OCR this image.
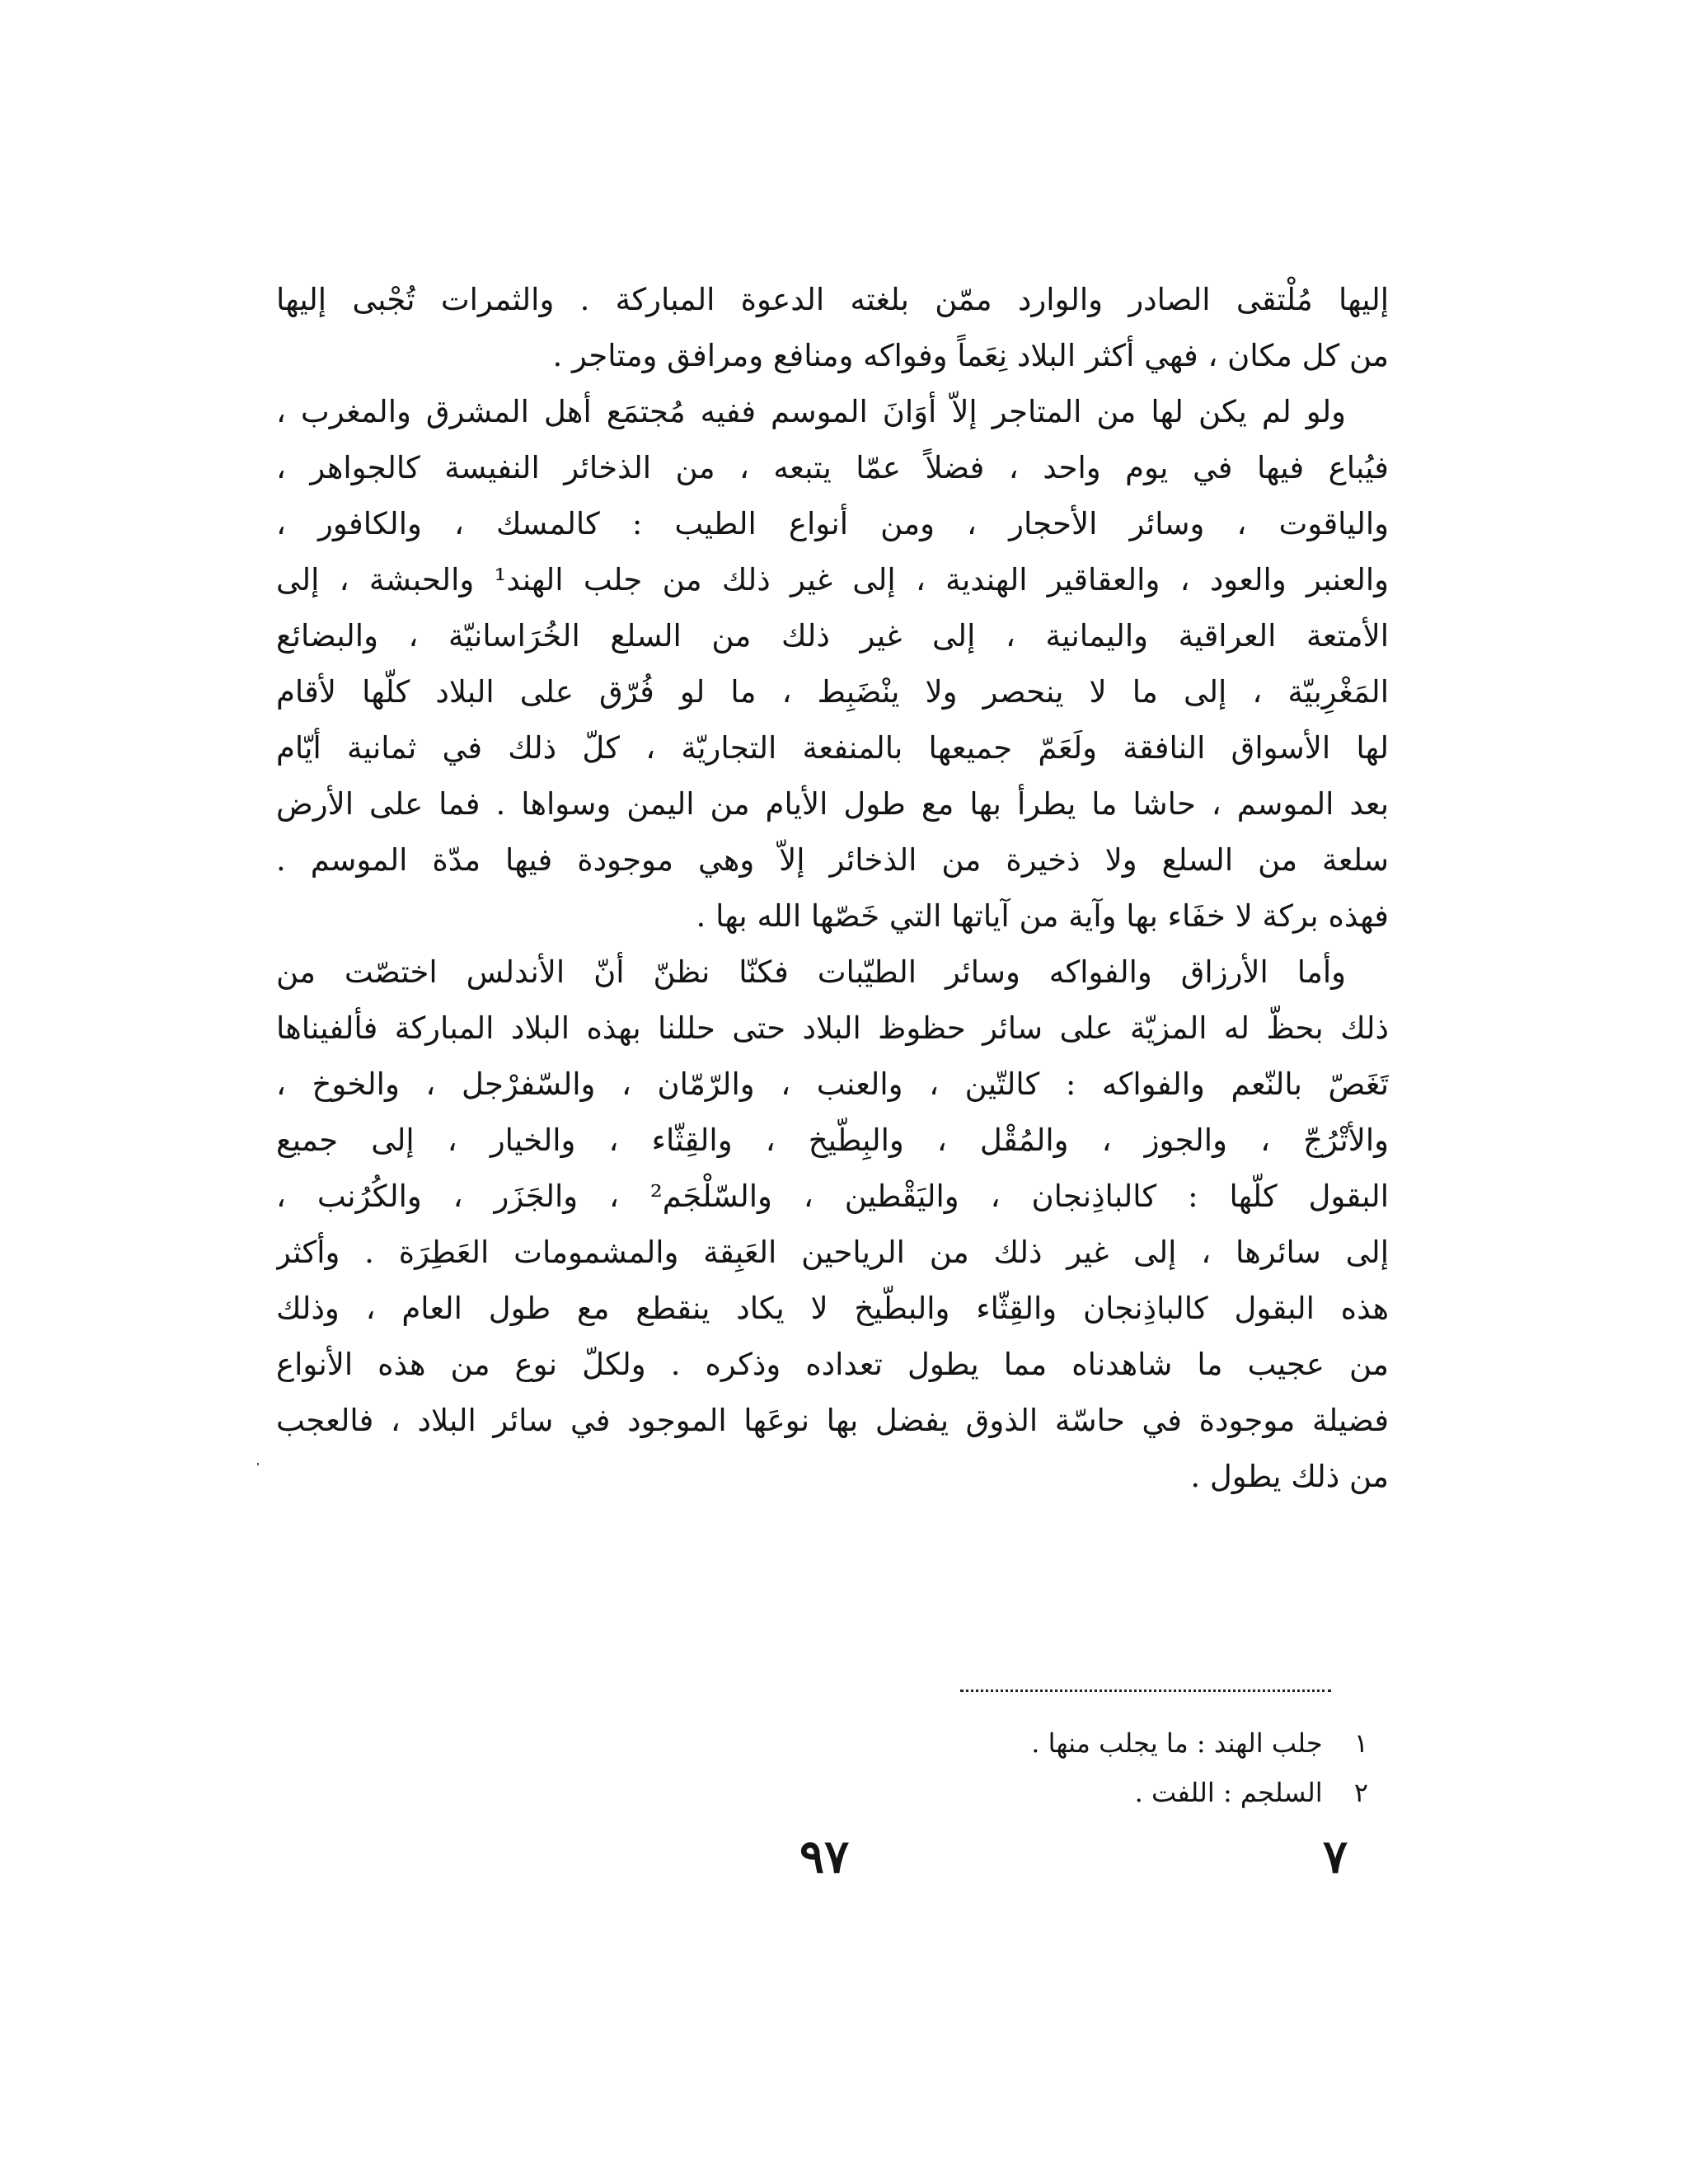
إليها مُلْتقى الصادر والوارد ممّن بلغته الدعوة المباركة . والثمرات تُجْبى إليها
من كل مكان ، فهي أكثر البلاد نِعَماً وفواكه ومنافع ومرافق ومتاجر .
ولو لم يكن لها من المتاجر إلاّ أوَانَ الموسم ففيه مُجتمَع أهل المشرق والمغرب ،
فيُباع فيها في يوم واحد ، فضلاً عمّا يتبعه ، من الذخائر النفيسة كالجواهر ،
والياقوت ، وسائر الأحجار ، ومن أنواع الطيب : كالمسك ، والكافور ،
والعنبر والعود ، والعقاقير الهندية ، إلى غير ذلك من جلب الهند¹ والحبشة ، إلى
الأمتعة العراقية واليمانية ، إلى غير ذلك من السلع الخُرَاسانيّة ، والبضائع
المَغْرِبيّة ، إلى ما لا ينحصر ولا ينْضَبِط ، ما لو فُرّق على البلاد كلّها لأقام
لها الأسواق النافقة ولَعَمّ جميعها بالمنفعة التجاريّة ، كلّ ذلك في ثمانية أيّام
بعد الموسم ، حاشا ما يطرأ بها مع طول الأيام من اليمن وسواها . فما على الأرض
سلعة من السلع ولا ذخيرة من الذخائر إلاّ وهي موجودة فيها مدّة الموسم .
فهذه بركة لا خفَاء بها وآية من آياتها التي خَصّها الله بها .
وأما الأرزاق والفواكه وسائر الطيّبات فكنّا نظنّ أنّ الأندلس اختصّت من
ذلك بحظّ له المزيّة على سائر حظوظ البلاد حتى حللنا بهذه البلاد المباركة فألفيناها
تَغَصّ بالنّعم والفواكه : كالتّين ، والعنب ، والرّمّان ، والسّفرْجل ، والخوخ ،
والأتْرُجّ ، والجوز ، والمُقْل ، والبِطّيخ ، والقِثّاء ، والخيار ، إلى جميع
البقول كلّها : كالباذِنجان ، واليَقْطين ، والسّلْجَم² ، والجَزَر ، والكُرُنب ،
إلى سائرها ، إلى غير ذلك من الرياحين العَبِقة والمشمومات العَطِرَة . وأكثر
هذه البقول كالباذِنجان والقِثّاء والبطّيخ لا يكاد ينقطع مع طول العام ، وذلك
من عجيب ما شاهدناه مما يطول تعداده وذكره . ولكلّ نوع من هذه الأنواع
فضيلة موجودة في حاسّة الذوق يفضل بها نوعَها الموجود في سائر البلاد ، فالعجب
من ذلك يطول .
١ جلب الهند : ما يجلب منها .
٢ السلجم : اللفت .
٩٧	٧
